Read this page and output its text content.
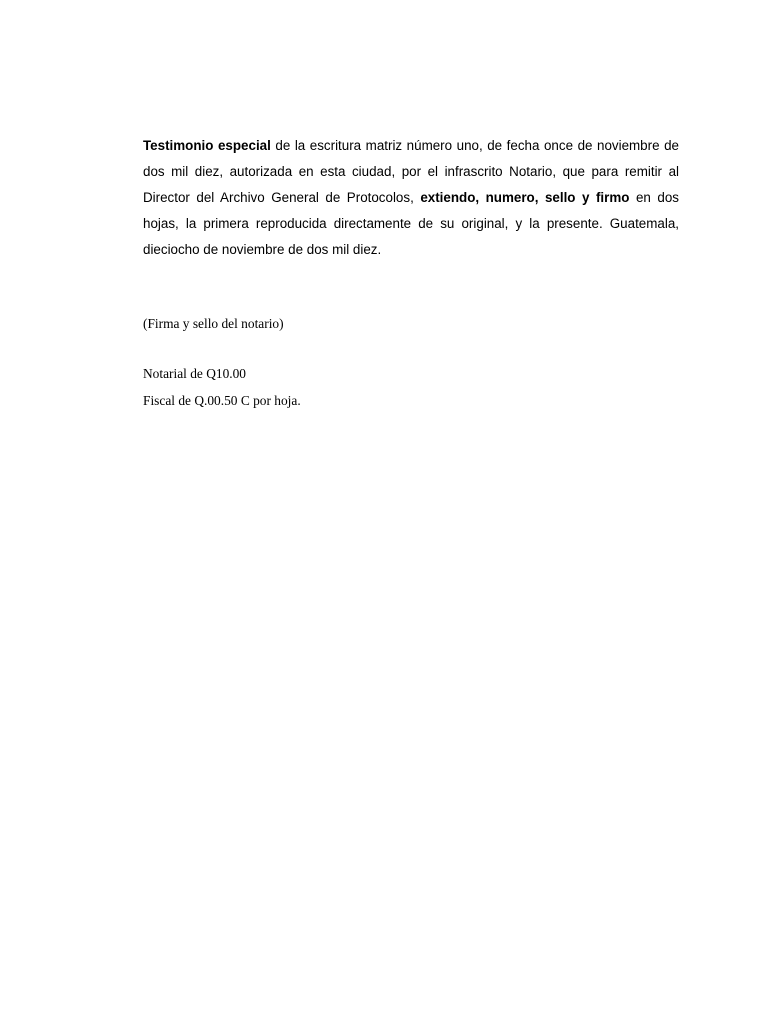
Testimonio especial de la escritura matriz número uno, de fecha once de noviembre de dos mil diez, autorizada en esta ciudad, por el infrascrito Notario, que para remitir al Director del Archivo General de Protocolos, extiendo, numero, sello y firmo en dos hojas, la primera reproducida directamente de su original, y la presente. Guatemala, dieciocho de noviembre de dos mil diez.

(Firma y sello del notario)

Notarial de Q10.00

Fiscal de Q.00.50 C por hoja.
